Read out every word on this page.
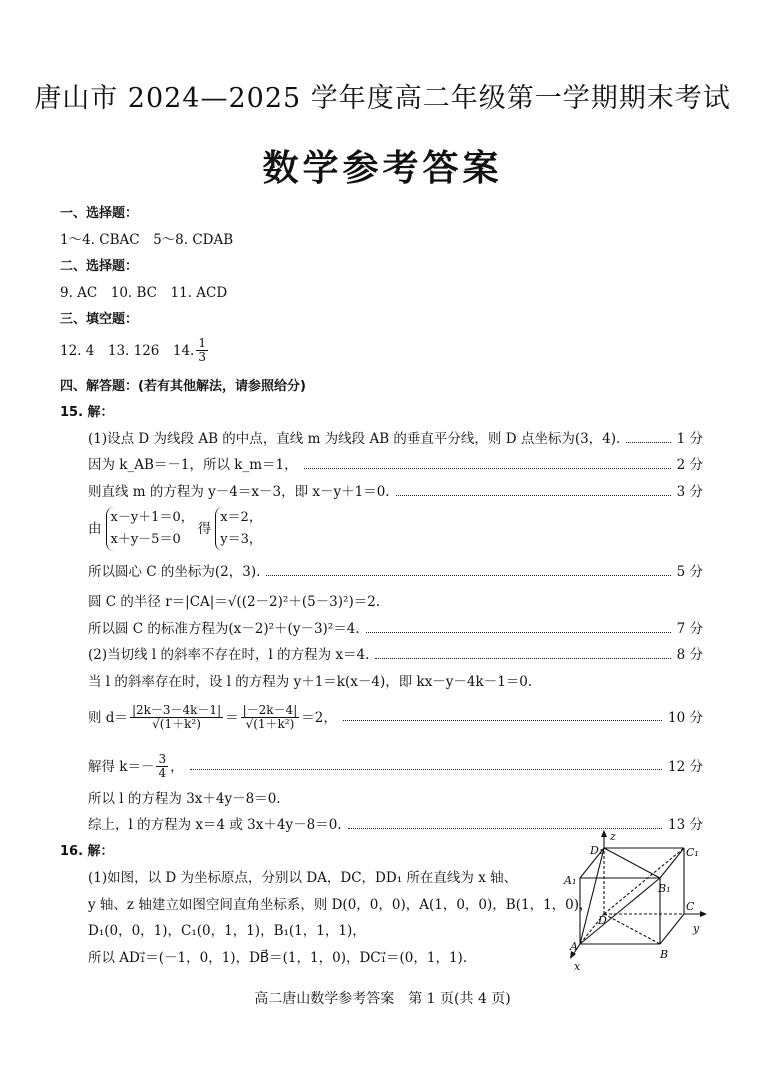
唐山市 2024—2025 学年度高二年级第一学期期末考试
数学参考答案
一、选择题：
1～4. CBAC　5～8. CDAB
二、选择题：
9. AC　10. BC　11. ACD
三、填空题：
12. 4　13. 126　14. $\frac{1}{3}$
四、解答题：(若有其他解法，请参照给分)
15. 解：
(1)设点 D 为线段 AB 的中点，直线 m 为线段 AB 的垂直平分线，则 D 点坐标为(3，4).	1 分
因为 k_AB＝－1，所以 k_m＝1，	2 分
则直线 m 的方程为 y－4＝x－3，即 x－y＋1＝0.	3 分
由
x－y＋1＝0，
x＋y－5＝0
得
x＝2，
y＝3，
所以圆心 C 的坐标为(2，3).	5 分
圆 C 的半径 r＝|CA|＝√((2－2)²＋(5－3)²)＝2.
所以圆 C 的标准方程为(x－2)²＋(y－3)²＝4.	7 分
(2)当切线 l 的斜率不存在时，l 的方程为 x＝4.	8 分
当 l 的斜率存在时，设 l 的方程为 y＋1＝k(x－4)，即 kx－y－4k－1＝0.
则 $d= \frac{|2k-3-4k-1|}{\text{√(1＋k²)}} = \frac{|-2k-4|}{\text{√(1＋k²)}} =2$，	10 分
解得 $k=- \frac{3}{4}$ ，	12 分
所以 l 的方程为 3x＋4y－8＝0.
综上，l 的方程为 x＝4 或 3x＋4y－8＝0.	13 分
16. 解：
(1)如图，以 D 为坐标原点，分别以 DA，DC，DD₁ 所在直线为 x 轴、
y 轴、z 轴建立如图空间直角坐标系，则 D(0，0，0)，A(1，0，0)，B(1，1，0)，
D₁(0，0，1)，C₁(0，1，1)，B₁(1，1，1)，
所以 AD₁⃗＝(－1，0，1)，DB⃗＝(1，1，0)，DC₁⃗＝(0，1，1).
z
y
x
D₁	C₁
A₁
B₁
D
C
A
B
高二唐山数学参考答案　第 1 页(共 4 页)
